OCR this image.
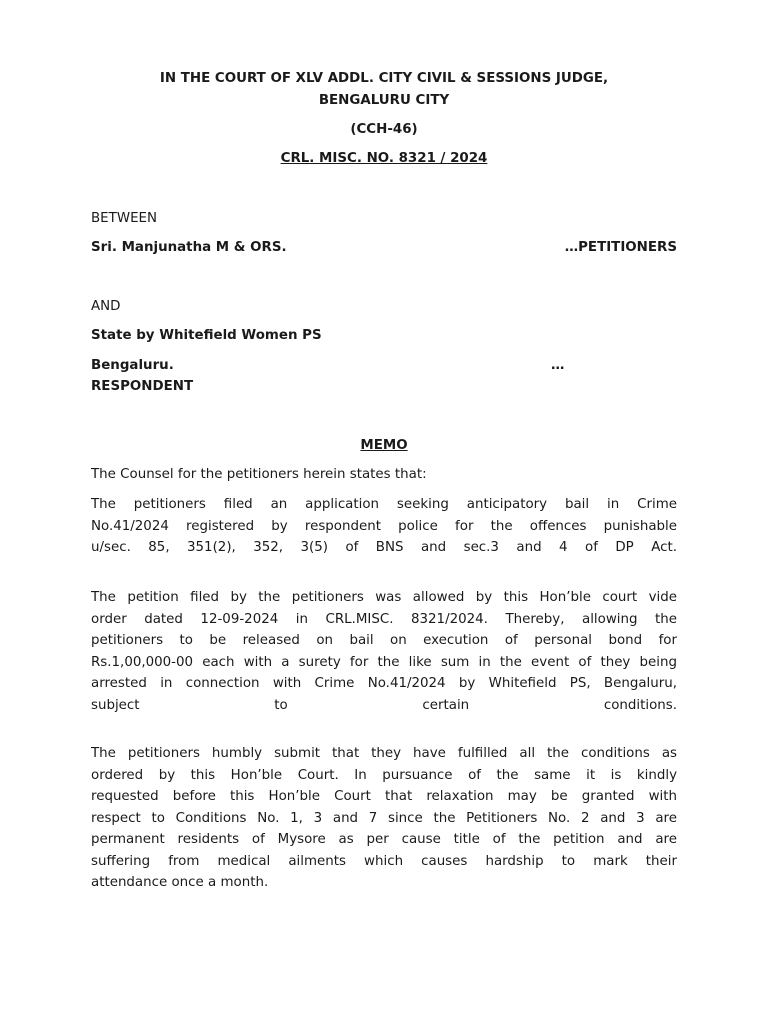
IN THE COURT OF XLV ADDL. CITY CIVIL & SESSIONS JUDGE,
BENGALURU CITY
(CCH-46)
CRL. MISC. NO. 8321 / 2024
BETWEEN
Sri. Manjunatha M & ORS.	…PETITIONERS
AND
State by Whitefield Women PS
Bengaluru.	…
RESPONDENT
MEMO
The Counsel for the petitioners herein states that:
The petitioners filed an application seeking anticipatory bail in Crime
No.41/2024 registered by respondent police for the offences punishable
u/sec. 85, 351(2), 352, 3(5) of BNS and sec.3 and 4 of DP Act.
The petition filed by the petitioners was allowed by this Hon’ble court vide
order dated 12-09-2024 in CRL.MISC. 8321/2024. Thereby, allowing the
petitioners to be released on bail on execution of personal bond for
Rs.1,00,000-00 each with a surety for the like sum in the event of they being
arrested in connection with Crime No.41/2024 by Whitefield PS, Bengaluru,
subject to certain conditions.
The petitioners humbly submit that they have fulfilled all the conditions as
ordered by this Hon’ble Court. In pursuance of the same it is kindly
requested before this Hon’ble Court that relaxation may be granted with
respect to Conditions No. 1, 3 and 7 since the Petitioners No. 2 and 3 are
permanent residents of Mysore as per cause title of the petition and are
suffering from medical ailments which causes hardship to mark their
attendance once a month.
